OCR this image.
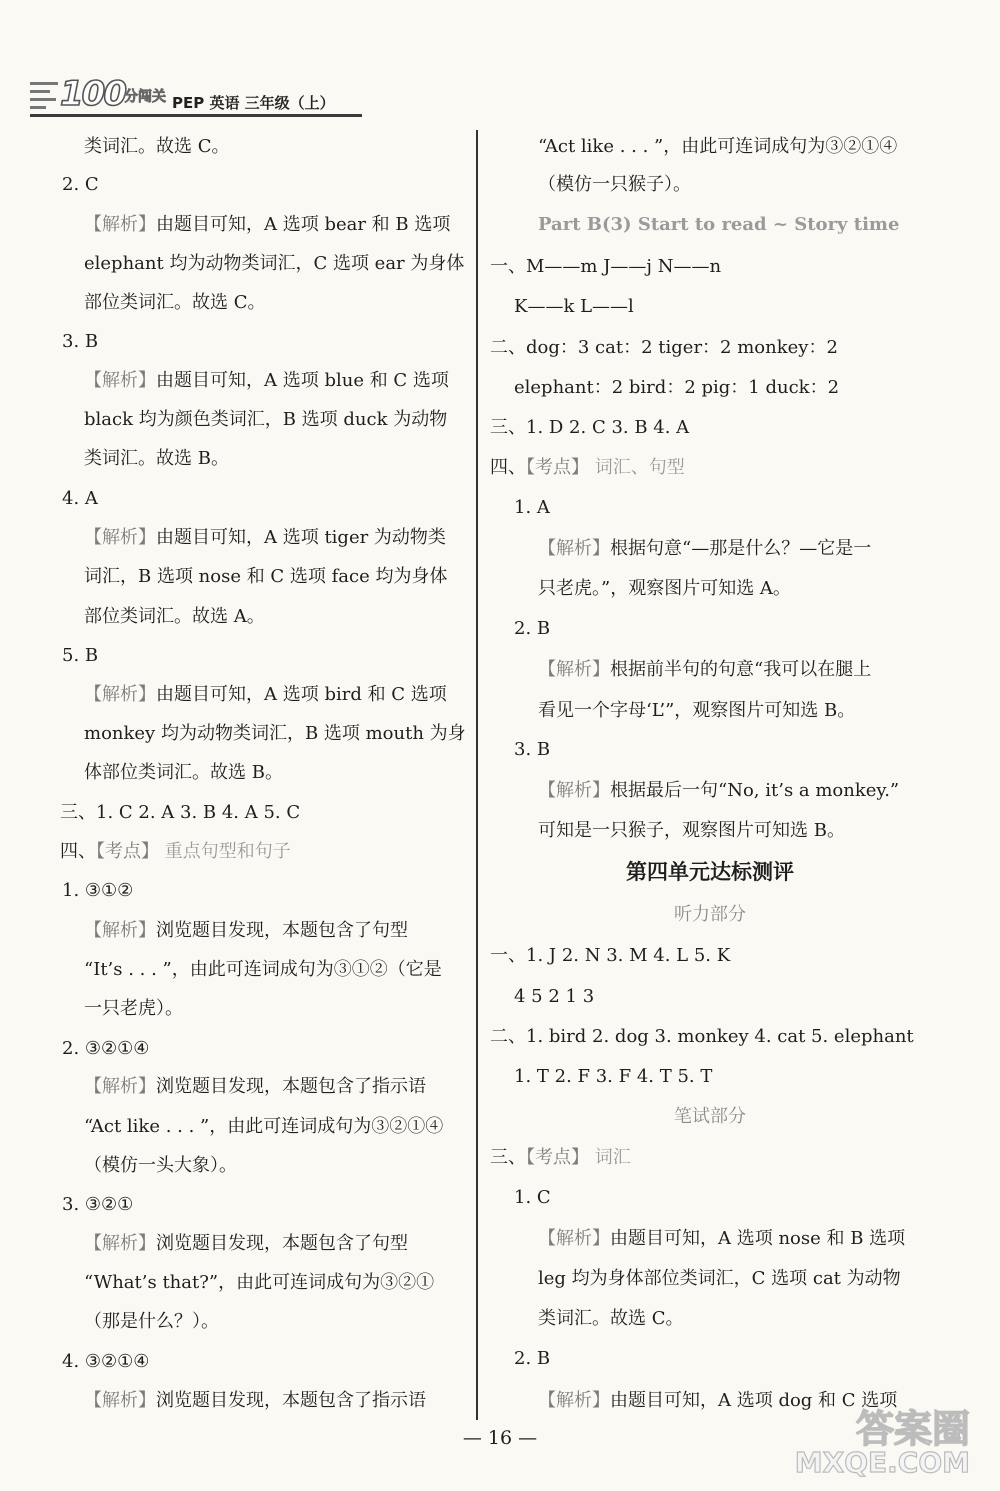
100 分闯关 PEP 英语 三年级（上）
类词汇。故选 C。
2. C
【解析】由题目可知，A 选项 bear 和 B 选项
elephant 均为动物类词汇，C 选项 ear 为身体
部位类词汇。故选 C。
3. B
【解析】由题目可知，A 选项 blue 和 C 选项
black 均为颜色类词汇，B 选项 duck 为动物
类词汇。故选 B。
4. A
【解析】由题目可知，A 选项 tiger 为动物类
词汇，B 选项 nose 和 C 选项 face 均为身体
部位类词汇。故选 A。
5. B
【解析】由题目可知，A 选项 bird 和 C 选项
monkey 均为动物类词汇，B 选项 mouth 为身
体部位类词汇。故选 B。
三、1. C 2. A 3. B 4. A 5. C
四、【考点】 重点句型和句子
1. ③①②
【解析】浏览题目发现，本题包含了句型
“It’s . . . ”，由此可连词成句为③①②（它是
一只老虎）。
2. ③②①④
【解析】浏览题目发现，本题包含了指示语
“Act like . . . ”，由此可连词成句为③②①④
（模仿一头大象）。
3. ③②①
【解析】浏览题目发现，本题包含了句型
“What’s that?”，由此可连词成句为③②①
（那是什么？）。
4. ③②①④
【解析】浏览题目发现，本题包含了指示语
“Act like . . . ”，由此可连词成句为③②①④
（模仿一只猴子）。
Part B(3) Start to read ~ Story time
一、M——m J——j N——n
K——k L——l
二、dog：3 cat：2 tiger：2 monkey：2
elephant：2 bird：2 pig：1 duck：2
三、1. D 2. C 3. B 4. A
四、【考点】 词汇、句型
1. A
【解析】根据句意“—那是什么？—它是一
只老虎。”，观察图片可知选 A。
2. B
【解析】根据前半句的句意“我可以在腿上
看见一个字母‘L’”，观察图片可知选 B。
3. B
【解析】根据最后一句“No, it’s a monkey.”
可知是一只猴子，观察图片可知选 B。
第四单元达标测评
听力部分
一、1. J 2. N 3. M 4. L 5. K
4 5 2 1 3
二、1. bird 2. dog 3. monkey 4. cat 5. elephant
1. T 2. F 3. F 4. T 5. T
笔试部分
三、【考点】 词汇
1. C
【解析】由题目可知，A 选项 nose 和 B 选项
leg 均为身体部位类词汇，C 选项 cat 为动物
类词汇。故选 C。
2. B
【解析】由题目可知，A 选项 dog 和 C 选项
— 16 —	答案圈
MXQE.COM
